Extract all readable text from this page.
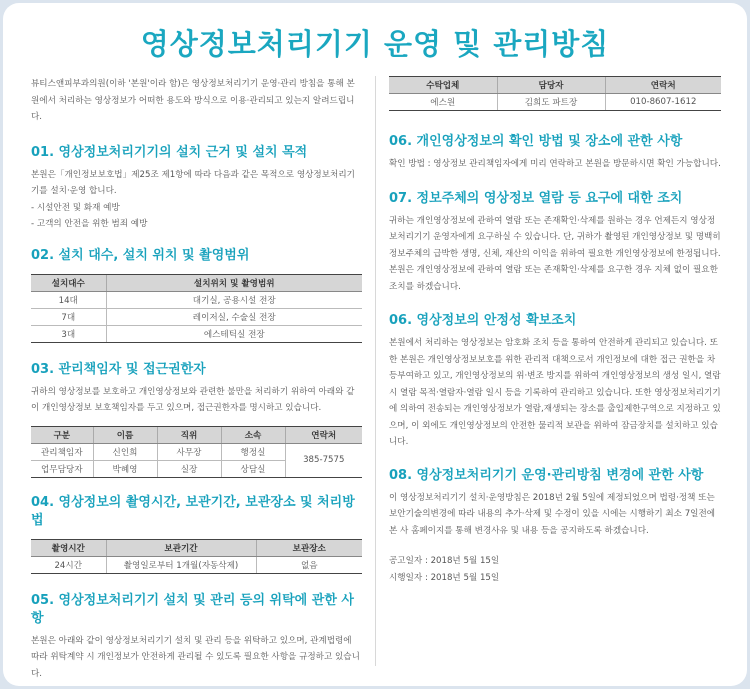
영상정보처리기기 운영 및 관리방침

뷰티스앤피부과의원(이하 '본원'이라 함)은 영상정보처리기기 운영·관리 방침을 통해 본원에서 처리하는 영상정보가 어떠한 용도와 방식으로 이용·관리되고 있는지 알려드립니다.

01. 영상정보처리기기의 설치 근거 및 설치 목적

본원은「개인정보보호법」제25조 제1항에 따라 다음과 같은 목적으로 영상정보처리기기를 설치·운영 합니다.

- 시설안전 및 화재 예방

- 고객의 안전을 위한 범죄 예방

02. 설치 대수, 설치 위치 및 촬영범위
설치대수	설치위치 및 촬영범위
14대	대기실, 공용시설 전장
7대	레이저실, 수술실 전장
3대	에스테틱실 전장
03. 관리책임자 및 접근권한자

귀하의 영상정보를 보호하고 개인영상정보와 관련한 불만을 처리하기 위하여 아래와 같이 개인영상정보 보호책임자를 두고 있으며, 접근권한자를 명시하고 있습니다.

구분	이름	직위	소속	연락처
관리책임자	신인희	사무장	행정실	385-7575
업무담당자	박혜영	실장	상담실	
04. 영상정보의 촬영시간, 보관기간, 보관장소 및 처리방법
촬영시간	보관기간	보관장소
24시간	촬영일로부터 1개월(자동삭제)	없음
05. 영상정보처리기기 설치 및 관리 등의 위탁에 관한 사항

본원은 아래와 같이 영상정보처리기기 설치 및 관리 등을 위탁하고 있으며, 관계법령에 따라 위탁계약 시 개인정보가 안전하게 관리될 수 있도록 필요한 사항을 규정하고 있습니다.

수탁업체	담당자	연락처
에스원	김희도 파트장	010-8607-1612
06. 개인영상정보의 확인 방법 및 장소에 관한 사항

확인 방법 : 영상정보 관리책임자에게 미리 연락하고 본원을 방문하시면 확인 가능합니다.

07. 정보주체의 영상정보 열람 등 요구에 대한 조치

귀하는 개인영상정보에 관하여 열람 또는 존재확인·삭제를 원하는 경우 언제든지 영상정보처리기기 운영자에게 요구하실 수 있습니다. 단, 귀하가 촬영된 개인영상정보 및 명백히 정보주체의 급박한 생명, 신체, 재산의 이익을 위하여 필요한 개인영상정보에 한정됩니다. 본원은 개인영상정보에 관하여 열람 또는 존재확인·삭제를 요구한 경우 지체 없이 필요한 조치를 하겠습니다.

06. 영상정보의 안정성 확보조치

본원에서 처리하는 영상정보는 암호화 조치 등을 통하여 안전하게 관리되고 있습니다. 또한 본원은 개인영상정보보호를 위한 관리적 대책으로서 개인정보에 대한 접근 권한을 차등부여하고 있고, 개인영상정보의 위·변조 방지를 위하여 개인영상정보의 생성 일시, 열람시 열람 목적·열람자·열람 일시 등을 기록하여 관리하고 있습니다. 또한 영상정보처리기기에 의하여 전송되는 개인영상정보가 열람,재생되는 장소를 출입제한구역으로 지정하고 있으며, 이 외에도 개인영상정보의 안전한 물리적 보관을 위하여 잠금장치를 설치하고 있습니다.

08. 영상정보처리기기 운영·관리방침 변경에 관한 사항

이 영상정보처리기기 설치·운영방침은 2018년 2월 5일에 제정되었으며 법령·정책 또는 보안기술의변경에 따라 내용의 추가·삭제 및 수정이 있을 시에는 시행하기 최소 7일전에 본 사 홈페이지를 통해 변경사유 및 내용 등을 공지하도록 하겠습니다.

공고일자 : 2018년 5월 15일

시행일자 : 2018년 5월 15일
